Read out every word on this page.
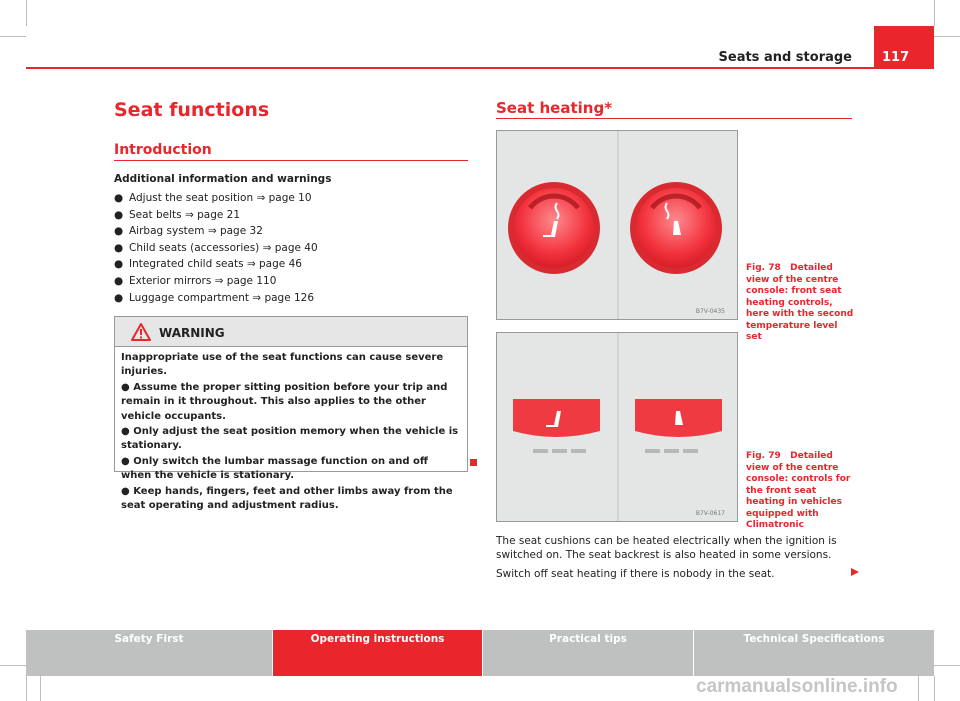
Seats and storage	117
Seat functions
Introduction
Additional information and warnings
● Adjust the seat position ⇒ page 10
● Seat belts ⇒ page 21
● Airbag system ⇒ page 32
● Child seats (accessories) ⇒ page 40
● Integrated child seats ⇒ page 46
● Exterior mirrors ⇒ page 110
● Luggage compartment ⇒ page 126
WARNING

Inappropriate use of the seat functions can cause severe injuries.

● Assume the proper sitting position before your trip and remain in it throughout. This also applies to the other vehicle occupants.

● Only adjust the seat position memory when the vehicle is stationary.

● Only switch the lumbar massage function on and off when the vehicle is stationary.

● Keep hands, fingers, feet and other limbs away from the seat operating and adjustment radius.

Seat heating*
B7V-0435
Fig. 78 Detailed view of the centre console: front seat heating controls, here with the second temperature level set
B7V-0617
Fig. 79 Detailed view of the centre console: controls for the front seat heating in vehicles equipped with Climatronic
The seat cushions can be heated electrically when the ignition is switched on. The seat backrest is also heated in some versions.
Switch off seat heating if there is nobody in the seat.
Safety First	Operating instructions	Practical tips	Technical Specifications
carmanualsonline.info
